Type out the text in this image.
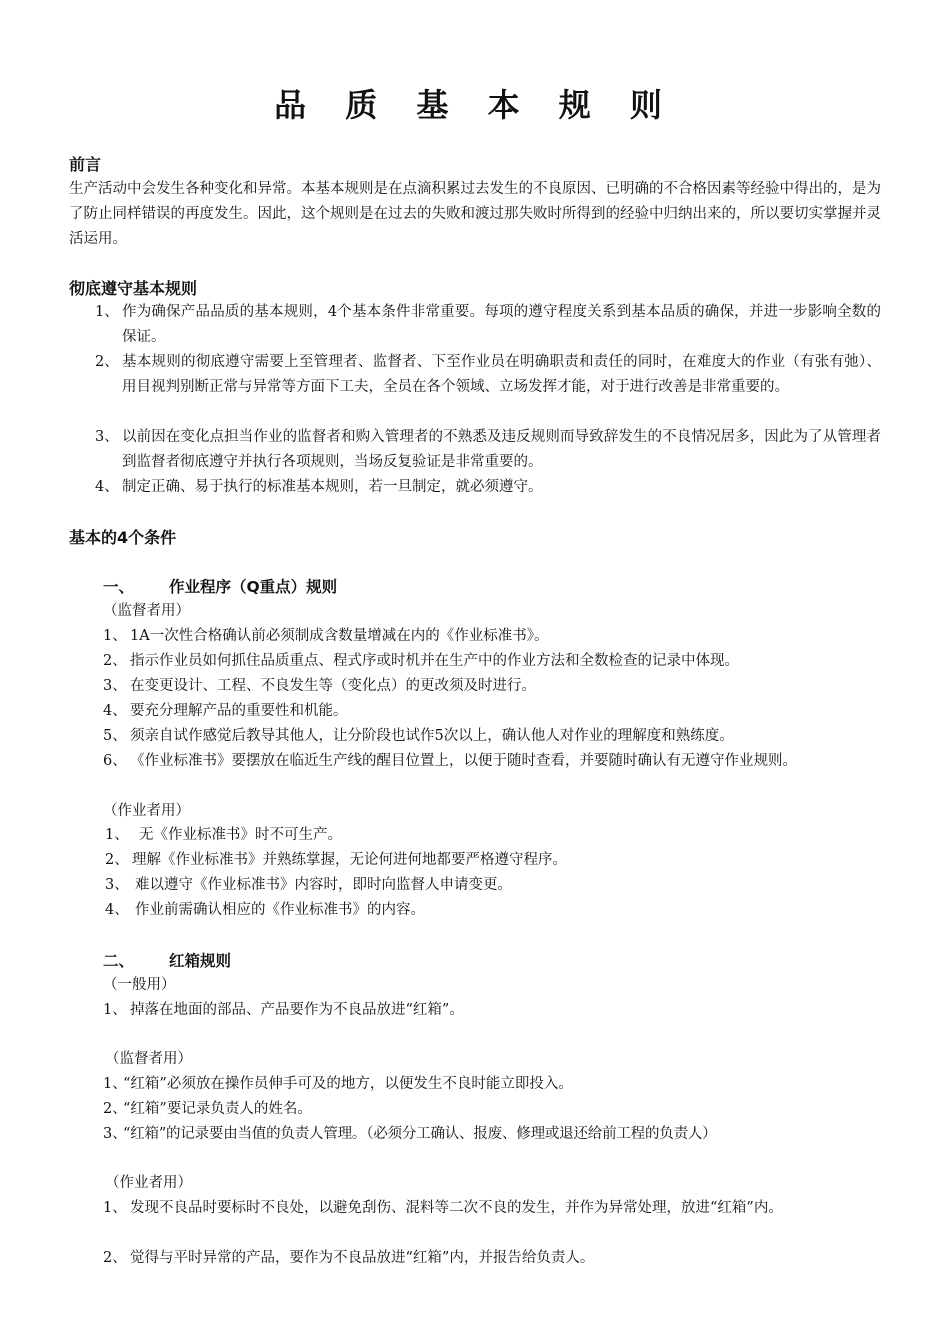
品 质 基 本 规 则
前言
生产活动中会发生各种变化和异常。本基本规则是在点滴积累过去发生的不良原因、已明确的不合格因素等经验中得出的，是为了防止同样错误的再度发生。因此，这个规则是在过去的失败和渡过那失败时所得到的经验中归纳出来的，所以要切实掌握并灵活运用。
彻底遵守基本规则
1、 作为确保产品品质的基本规则，4个基本条件非常重要。每项的遵守程度关系到基本品质的确保，并进一步影响全数的保证。
2、 基本规则的彻底遵守需要上至管理者、监督者、下至作业员在明确职责和责任的同时，在难度大的作业（有张有弛）、用目视判别断正常与异常等方面下工夫，全员在各个领域、立场发挥才能，对于进行改善是非常重要的。
3、 以前因在变化点担当作业的监督者和购入管理者的不熟悉及违反规则而导致辞发生的不良情况居多，因此为了从管理者到监督者彻底遵守并执行各项规则，当场反复验证是非常重要的。
4、 制定正确、易于执行的标准基本规则，若一旦制定，就必须遵守。
基本的4个条件
一、 作业程序（Q重点）规则
（监督者用）
1、 1A一次性合格确认前必须制成含数量增减在内的《作业标准书》。
2、 指示作业员如何抓住品质重点、程式序或时机并在生产中的作业方法和全数检查的记录中体现。
3、 在变更设计、工程、不良发生等（变化点）的更改须及时进行。
4、 要充分理解产品的重要性和机能。
5、 须亲自试作感觉后教导其他人，让分阶段也试作5次以上，确认他人对作业的理解度和熟练度。
6、 《作业标准书》要摆放在临近生产线的醒目位置上，以便于随时查看，并要随时确认有无遵守作业规则。
（作业者用）
1、 无《作业标准书》时不可生产。
2、 理解《作业标准书》并熟练掌握，无论何进何地都要严格遵守程序。
3、 难以遵守《作业标准书》内容时，即时向监督人申请变更。
4、 作业前需确认相应的《作业标准书》的内容。
二、 红箱规则
（一般用）
1、 掉落在地面的部品、产品要作为不良品放进“红箱”。
（监督者用）
1、
“红箱”必须放在操作员伸手可及的地方，以便发生不良时能立即投入。
2、
“红箱”要记录负责人的姓名。
3、
“红箱”的记录要由当值的负责人管理。（必须分工确认、报废、修理或退还给前工程的负责人）
（作业者用）
1、 发现不良品时要标时不良处，以避免刮伤、混料等二次不良的发生，并作为异常处理，放进“红箱”内。
2、 觉得与平时异常的产品，要作为不良品放进“红箱”内，并报告给负责人。
